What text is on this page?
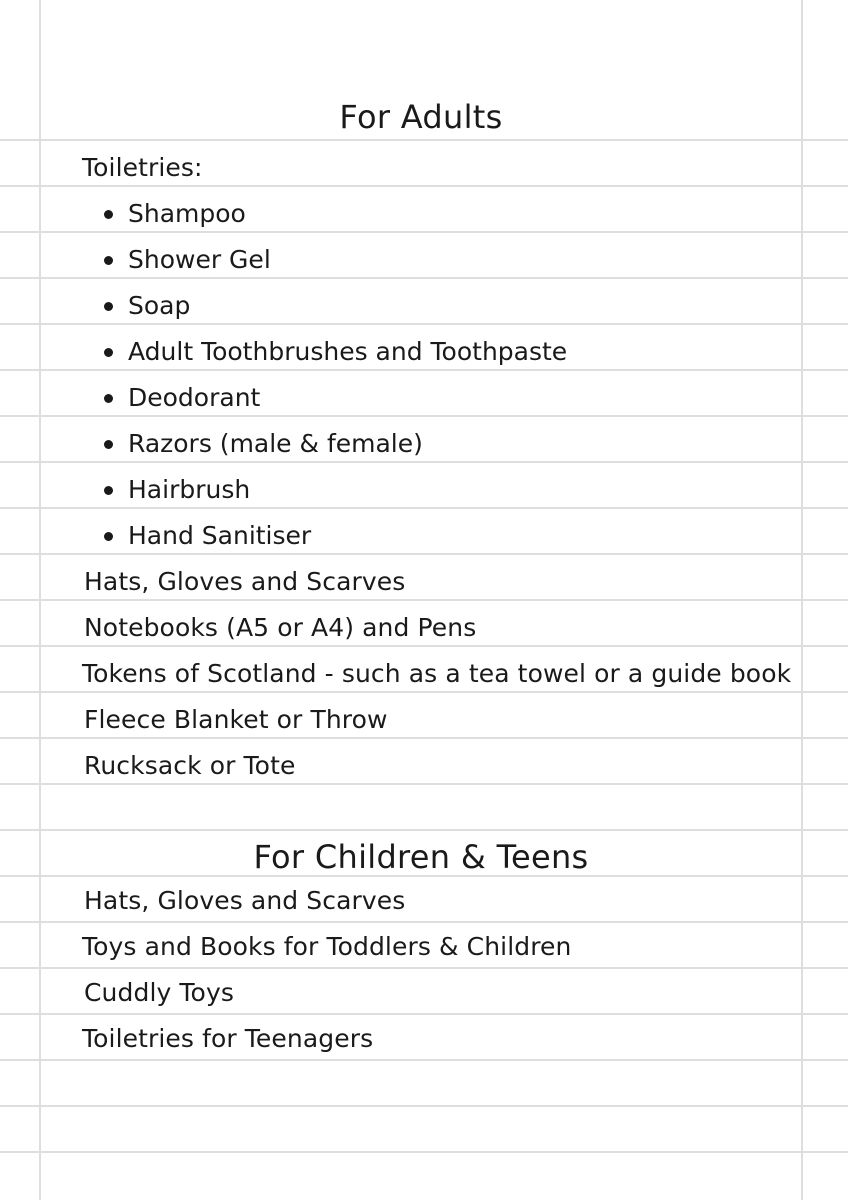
For Adults
Toiletries:
Shampoo
Shower Gel
Soap
Adult Toothbrushes and Toothpaste
Deodorant
Razors (male & female)
Hairbrush
Hand Sanitiser
Hats, Gloves and Scarves
Notebooks (A5 or A4) and Pens
Tokens of Scotland - such as a tea towel or a guide book
Fleece Blanket or Throw
Rucksack or Tote
For Children & Teens
Hats, Gloves and Scarves
Toys and Books for Toddlers & Children
Cuddly Toys
Toiletries for Teenagers
